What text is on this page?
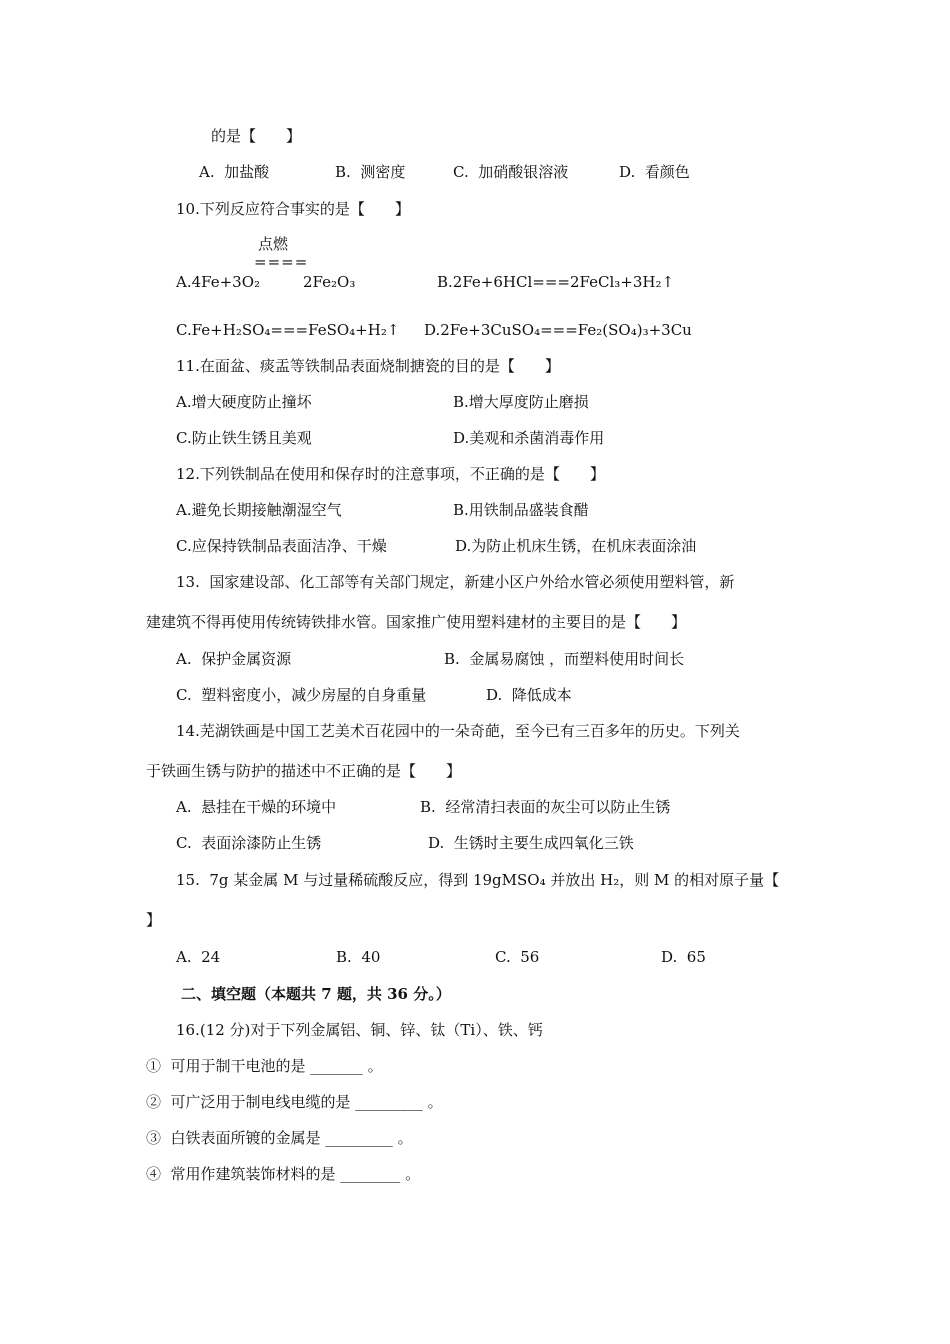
的是【　　】
A.  加盐酸	B.  测密度	C.  加硝酸银溶液	D.  看颜色
10.下列反应符合事实的是【　　】
点燃
====
A.4Fe+3O₂	2Fe₂O₃	B.2Fe+6HCl===2FeCl₃+3H₂↑
C.Fe+H₂SO₄===FeSO₄+H₂↑ D.2Fe+3CuSO₄===Fe₂(SO₄)₃+3Cu
11.在面盆、痰盂等铁制品表面烧制搪瓷的目的是【　　】
A.增大硬度防止撞坏	B.增大厚度防止磨损
C.防止铁生锈且美观	D.美观和杀菌消毒作用
12.下列铁制品在使用和保存时的注意事项，不正确的是【　　】
A.避免长期接触潮湿空气	B.用铁制品盛装食醋
C.应保持铁制品表面洁净、干燥	D.为防止机床生锈，在机床表面涂油
13.  国家建设部、化工部等有关部门规定，新建小区户外给水管必须使用塑料管，新
建建筑不得再使用传统铸铁排水管。国家推广使用塑料建材的主要目的是【　　】
A.  保护金属资源	B.  金属易腐蚀 ，而塑料使用时间长
C.  塑料密度小，减少房屋的自身重量	D.  降低成本
14.芜湖铁画是中国工艺美术百花园中的一朵奇葩，至今已有三百多年的历史。下列关
于铁画生锈与防护的描述中不正确的是【　　】
A.  悬挂在干燥的环境中	B.  经常清扫表面的灰尘可以防止生锈
C.  表面涂漆防止生锈	D.  生锈时主要生成四氧化三铁
15.  7g 某金属 M 与过量稀硫酸反应，得到 19gMSO₄ 并放出 H₂，则 M 的相对原子量【
】
A.  24	B.  40	C.  56	D.  65
二、填空题（本题共 7 题，共 36 分。）
16.(12 分)对于下列金属铝、铜、锌、钛（Ti）、铁、钙
①  可用于制干电池的是 _______ 。
②  可广泛用于制电线电缆的是 _________ 。
③  白铁表面所镀的金属是 _________ 。
④  常用作建筑装饰材料的是 ________ 。
